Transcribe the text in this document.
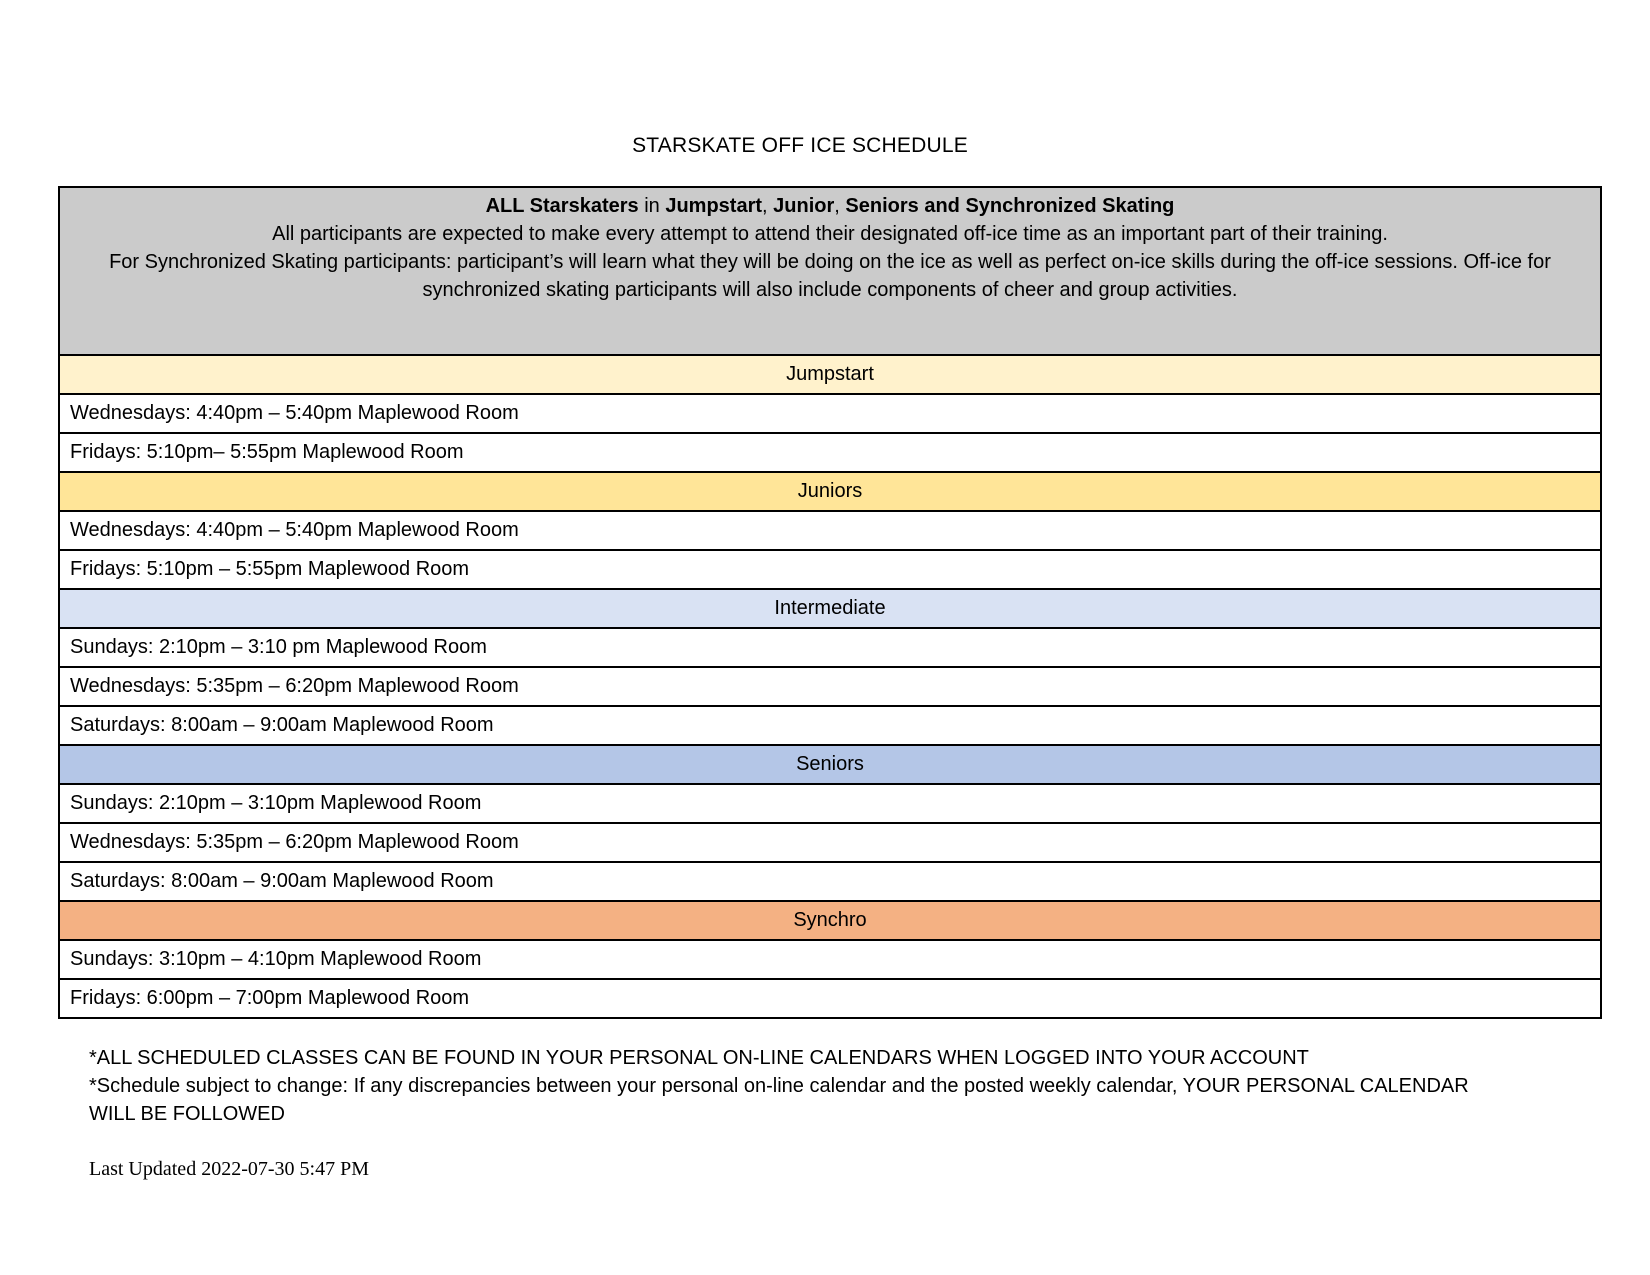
STARSKATE OFF ICE SCHEDULE
ALL Starskaters in Jumpstart, Junior, Seniors and Synchronized Skating
All participants are expected to make every attempt to attend their designated off-ice time as an important part of their training.
For Synchronized Skating participants: participant’s will learn what they will be doing on the ice as well as perfect on-ice skills during the off-ice sessions. Off-ice for synchronized skating participants will also include components of cheer and group activities.

Jumpstart
Wednesdays: 4:40pm – 5:40pm Maplewood Room
Fridays: 5:10pm– 5:55pm Maplewood Room
Juniors
Wednesdays: 4:40pm – 5:40pm Maplewood Room
Fridays: 5:10pm – 5:55pm Maplewood Room
Intermediate
Sundays: 2:10pm – 3:10 pm Maplewood Room
Wednesdays: 5:35pm – 6:20pm Maplewood Room
Saturdays: 8:00am – 9:00am Maplewood Room
Seniors
Sundays: 2:10pm – 3:10pm Maplewood Room
Wednesdays: 5:35pm – 6:20pm Maplewood Room
Saturdays: 8:00am – 9:00am Maplewood Room
Synchro
Sundays: 3:10pm – 4:10pm Maplewood Room
Fridays: 6:00pm – 7:00pm Maplewood Room
*ALL SCHEDULED CLASSES CAN BE FOUND IN YOUR PERSONAL ON-LINE CALENDARS WHEN LOGGED INTO YOUR ACCOUNT
*Schedule subject to change: If any discrepancies between your personal on-line calendar and the posted weekly calendar, YOUR PERSONAL CALENDAR WILL BE FOLLOWED
Last Updated 2022-07-30 5:47 PM
